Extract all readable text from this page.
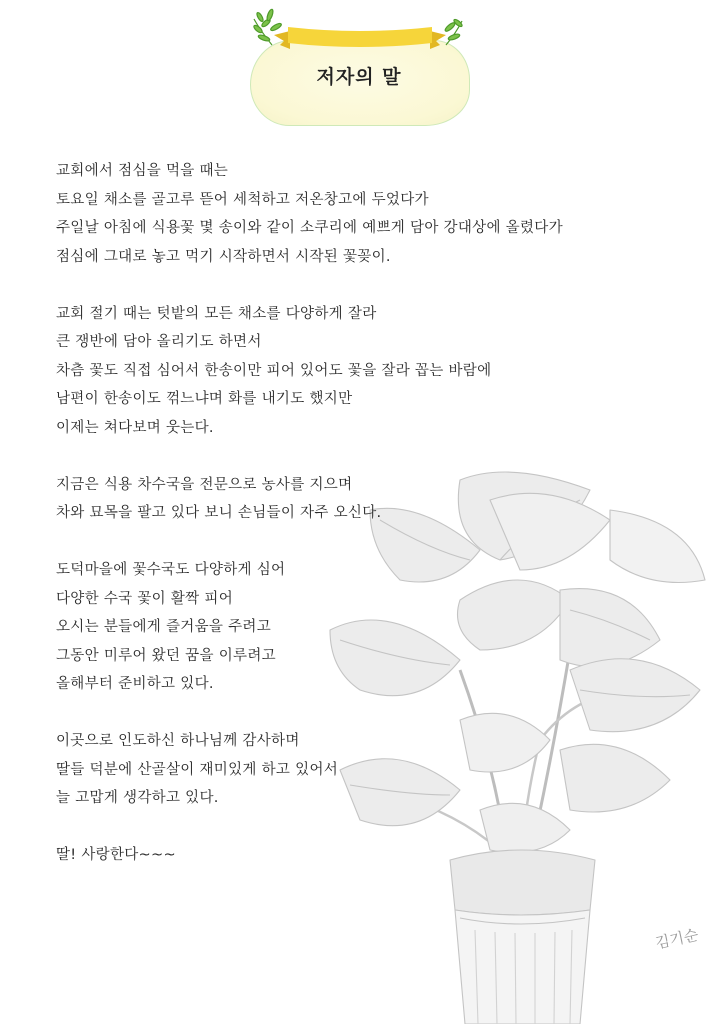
저자의 말
김기순
교회에서 점심을 먹을 때는
토요일 채소를 골고루 뜯어 세척하고 저온창고에 두었다가
주일날 아침에 식용꽃 몇 송이와 같이 소쿠리에 예쁘게 담아 강대상에 올렸다가
점심에 그대로 놓고 먹기 시작하면서 시작된 꽃꽂이.
교회 절기 때는 텃밭의 모든 채소를 다양하게 잘라
큰 쟁반에 담아 올리기도 하면서
차츰 꽃도 직접 심어서 한송이만 피어 있어도 꽃을 잘라 꼽는 바람에
남편이 한송이도 꺾느냐며 화를 내기도 했지만
이제는 쳐다보며 웃는다.
지금은 식용 차수국을 전문으로 농사를 지으며
차와 묘목을 팔고 있다 보니 손님들이 자주 오신다.
도덕마을에 꽃수국도 다양하게 심어
다양한 수국 꽃이 활짝 피어
오시는 분들에게 즐거움을 주려고
그동안 미루어 왔던 꿈을 이루려고
올해부터 준비하고 있다.
이곳으로 인도하신 하나님께 감사하며
딸들 덕분에 산골살이 재미있게 하고 있어서
늘 고맙게 생각하고 있다.
딸! 사랑한다~~~
